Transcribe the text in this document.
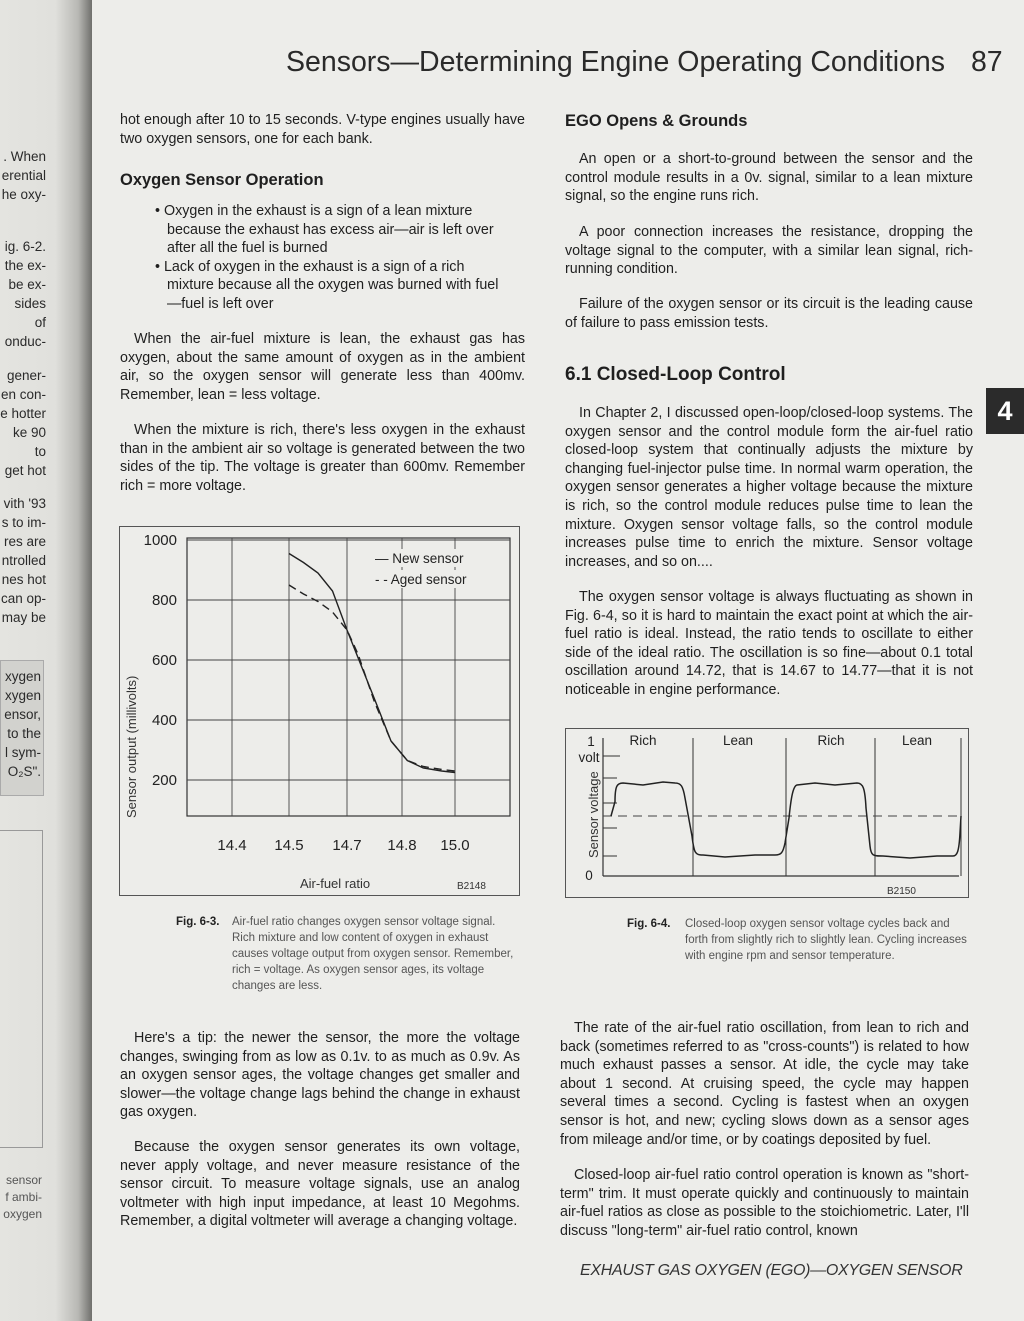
. When
erential
he oxy-
ig. 6-2.
the ex-
be ex-
sides of
onduc-
gener-
en con-
e hotter
ke 90 to
get hot
vith '93
s to im-
res are
ntrolled
nes hot
can op-
may be
xygen
xygen
ensor,
to the
l sym-
O₂S".
sensor
f ambi-
oxygen
Sensors—Determining Engine Operating Conditions 87

hot enough after 10 to 15 seconds. V-type engines usually have two oxygen sensors, one for each bank.

Oxygen Sensor Operation
• Oxygen in the exhaust is a sign of a lean mixture because the exhaust has excess air—air is left over after all the fuel is burned
• Lack of oxygen in the exhaust is a sign of a rich mixture because all the oxygen was burned with fuel—fuel is left over

When the air-fuel mixture is lean, the exhaust gas has oxygen, about the same amount of oxygen as in the ambient air, so the oxygen sensor will generate less than 400mv. Remember, lean = less voltage.

When the mixture is rich, there's less oxygen in the exhaust than in the ambient air so voltage is generated between the two sides of the tip. The voltage is greater than 600mv. Remember rich = more voltage.

1000
800
600
400
200
14.4 14.5 14.7 14.8 15.0
— New sensor
- - Aged sensor
Sensor output (millivolts)
Air-fuel ratio	B2148
Fig. 6-3.	Air-fuel ratio changes oxygen sensor voltage signal. Rich mixture and low content of oxygen in exhaust causes voltage output from oxygen sensor. Remember, rich = voltage. As oxygen sensor ages, its voltage changes are less.

Here's a tip: the newer the sensor, the more the voltage changes, swinging from as low as 0.1v. to as much as 0.9v. As an oxygen sensor ages, the voltage changes get smaller and slower—the voltage change lags behind the change in exhaust gas oxygen.

Because the oxygen sensor generates its own voltage, never apply voltage, and never measure resistance of the sensor circuit. To measure voltage signals, use an analog voltmeter with high input impedance, at least 10 Megohms. Remember, a digital voltmeter will average a changing voltage.

EGO Opens & Grounds

An open or a short-to-ground between the sensor and the control module results in a 0v. signal, similar to a lean mixture signal, so the engine runs rich.

A poor connection increases the resistance, dropping the voltage signal to the computer, with a similar lean signal, rich-running condition.

Failure of the oxygen sensor or its circuit is the leading cause of failure to pass emission tests.

6.1 Closed-Loop Control

In Chapter 2, I discussed open-loop/closed-loop systems. The oxygen sensor and the control module form the air-fuel ratio closed-loop system that continually adjusts the mixture by changing fuel-injector pulse time. In normal warm operation, the oxygen sensor generates a higher voltage because the mixture is rich, so the control module reduces pulse time to lean the mixture. Oxygen sensor voltage falls, so the control module increases pulse time to enrich the mixture. Sensor voltage increases, and so on....

The oxygen sensor voltage is always fluctuating as shown in Fig. 6-4, so it is hard to maintain the exact point at which the air-fuel ratio is ideal. Instead, the ratio tends to oscillate to either side of the ideal ratio. The oscillation is so fine—about 0.1 total oscillation around 14.72, that is 14.67 to 14.77—that it is not noticeable in engine performance.

4
1
volt
0
Rich	Lean	Rich	Lean
Sensor voltage
B2150
Fig. 6-4.	Closed-loop oxygen sensor voltage cycles back and forth from slightly rich to slightly lean. Cycling increases with engine rpm and sensor temperature.

The rate of the air-fuel ratio oscillation, from lean to rich and back (sometimes referred to as "cross-counts") is related to how much exhaust passes a sensor. At idle, the cycle may take about 1 second. At cruising speed, the cycle may happen several times a second. Cycling is fastest when an oxygen sensor is hot, and new; cycling slows down as a sensor ages from mileage and/or time, or by coatings deposited by fuel.

Closed-loop air-fuel ratio control operation is known as "short-term" trim. It must operate quickly and continuously to maintain air-fuel ratios as close as possible to the stoichiometric. Later, I'll discuss "long-term" air-fuel ratio control, known

EXHAUST GAS OXYGEN (EGO)—OXYGEN SENSOR
